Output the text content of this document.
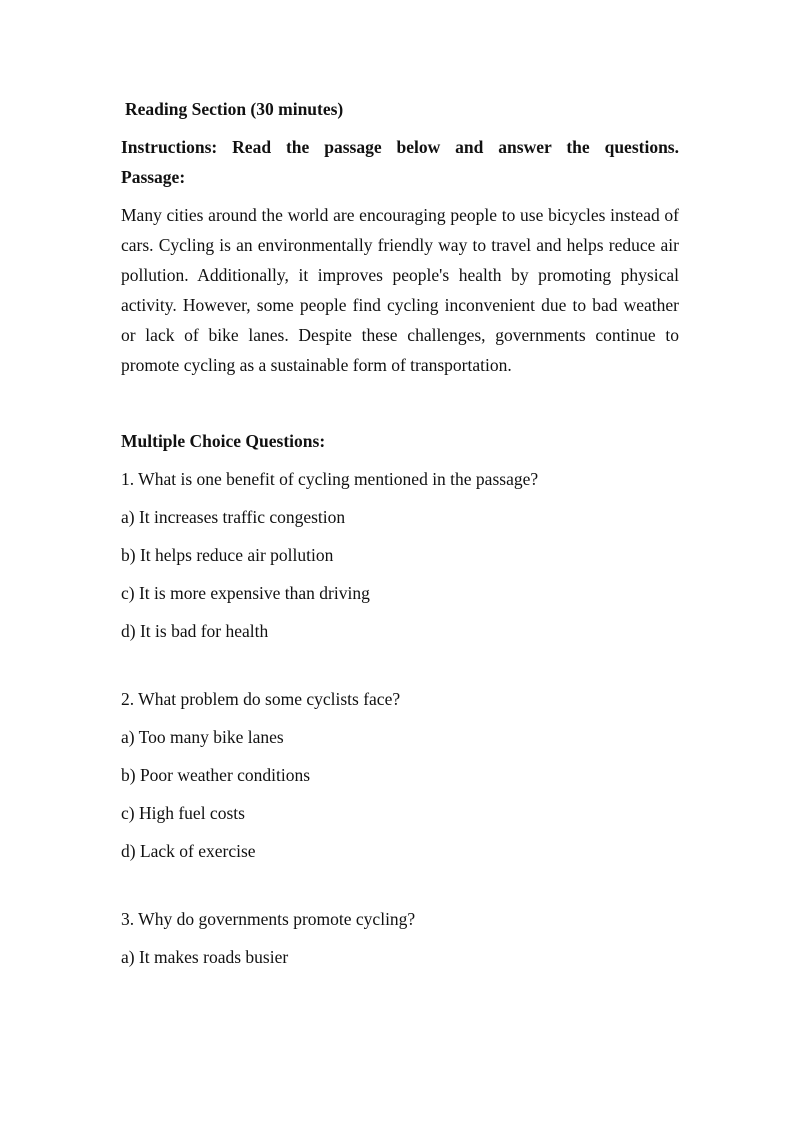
Reading Section (30 minutes)
Instructions: Read the passage below and answer the questions.
Passage:
Many cities around the world are encouraging people to use bicycles instead of cars. Cycling is an environmentally friendly way to travel and helps reduce air pollution. Additionally, it improves people's health by promoting physical activity. However, some people find cycling inconvenient due to bad weather or lack of bike lanes. Despite these challenges, governments continue to promote cycling as a sustainable form of transportation.
Multiple Choice Questions:
1. What is one benefit of cycling mentioned in the passage?
a) It increases traffic congestion
b) It helps reduce air pollution
c) It is more expensive than driving
d) It is bad for health
2. What problem do some cyclists face?
a) Too many bike lanes
b) Poor weather conditions
c) High fuel costs
d) Lack of exercise
3. Why do governments promote cycling?
a) It makes roads busier
